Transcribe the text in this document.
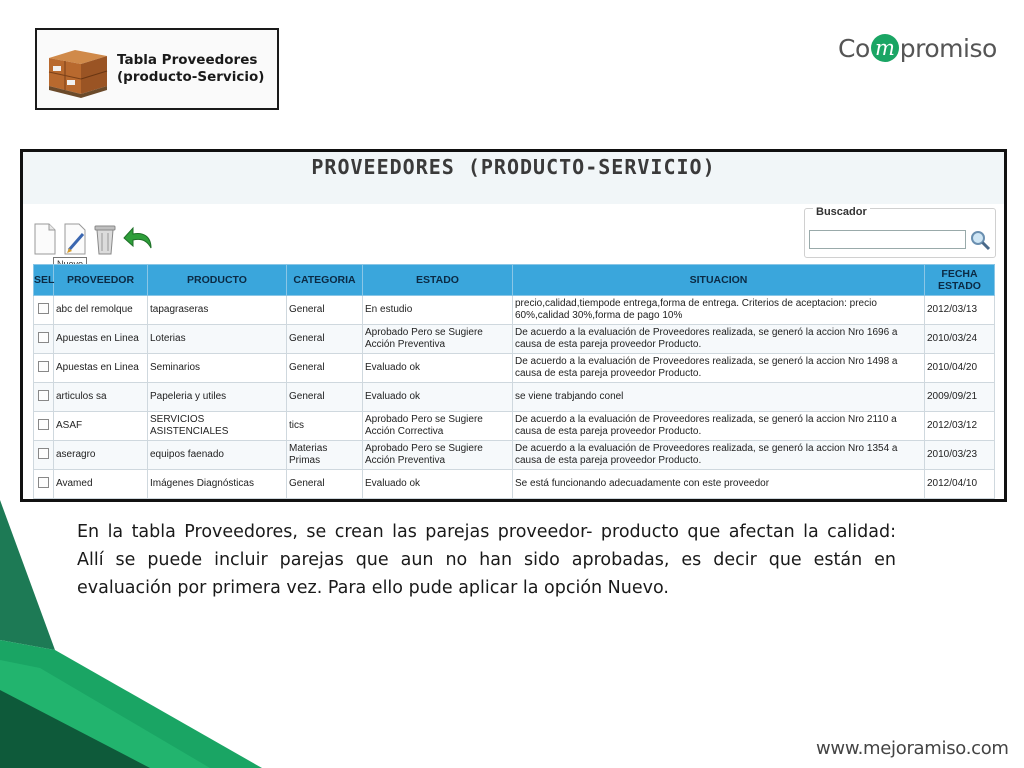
Tabla Proveedores
(producto-Servicio)
Co m promiso
PROVEEDORES (PRODUCTO-SERVICIO)
Buscador
SEL	PROVEEDOR	PRODUCTO	CATEGORIA	ESTADO	SITUACION	FECHA ESTADO
	abc del remolque	tapagraseras	General	En estudio	precio,calidad,tiempode entrega,forma de entrega. Criterios de aceptacion: precio 60%,calidad 30%,forma de pago 10%	2012/03/13
	Apuestas en Linea	Loterias	General	Aprobado Pero se Sugiere Acción Preventiva	De acuerdo a la evaluación de Proveedores realizada, se generó la accion Nro 1696 a causa de esta pareja proveedor Producto.	2010/03/24
	Apuestas en Linea	Seminarios	General	Evaluado ok	De acuerdo a la evaluación de Proveedores realizada, se generó la accion Nro 1498 a causa de esta pareja proveedor Producto.	2010/04/20
	articulos sa	Papeleria y utiles	General	Evaluado ok	se viene trabjando conel	2009/09/21
	ASAF	SERVICIOS ASISTENCIALES	tics	Aprobado Pero se Sugiere Acción Correctiva	De acuerdo a la evaluación de Proveedores realizada, se generó la accion Nro 2110 a causa de esta pareja proveedor Producto.	2012/03/12
	aseragro	equipos faenado	Materias Primas	Aprobado Pero se Sugiere Acción Preventiva	De acuerdo a la evaluación de Proveedores realizada, se generó la accion Nro 1354 a causa de esta pareja proveedor Producto.	2010/03/23
	Avamed	Imágenes Diagnósticas	General	Evaluado ok	Se está funcionando adecuadamente con este proveedor	2012/04/10

En la tabla Proveedores, se crean las parejas proveedor- producto que afectan la calidad:

Allí se puede incluir parejas que aun no han sido aprobadas, es decir que están en evaluación por primera vez. Para ello pude aplicar la opción Nuevo.

www.mejoramiso.com
